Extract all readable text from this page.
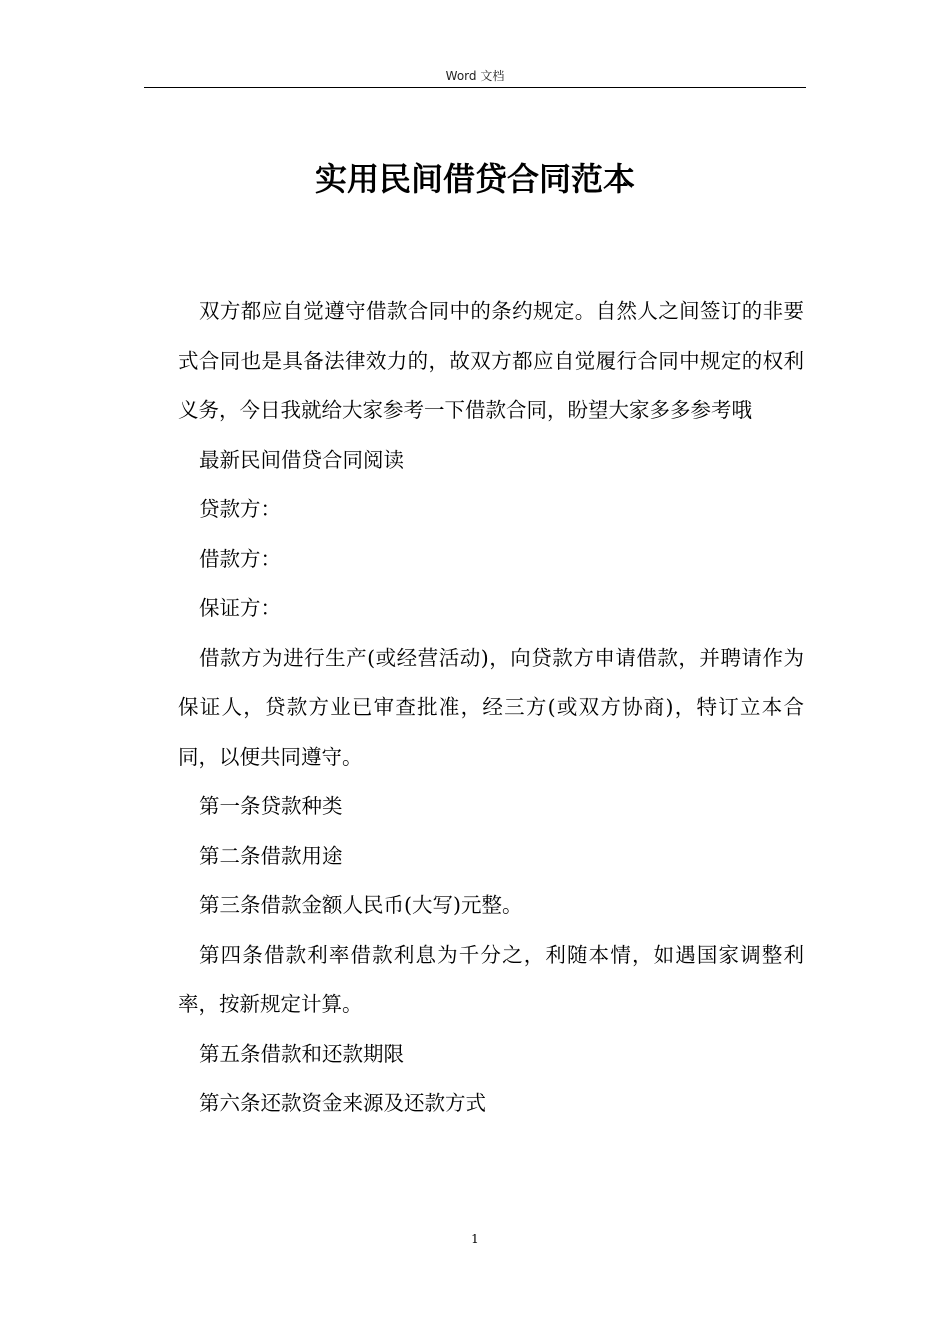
Word 文档
实用民间借贷合同范本

双方都应自觉遵守借款合同中的条约规定。自然人之间签订的非要式合同也是具备法律效力的，故双方都应自觉履行合同中规定的权利义务，今日我就给大家参考一下借款合同，盼望大家多多参考哦

最新民间借贷合同阅读

贷款方：

借款方：

保证方：

借款方为进行生产(或经营活动)，向贷款方申请借款，并聘请作为保证人，贷款方业已审查批准，经三方(或双方协商)，特订立本合同，以便共同遵守。

第一条贷款种类

第二条借款用途

第三条借款金额人民币(大写)元整。

第四条借款利率借款利息为千分之，利随本情，如遇国家调整利率，按新规定计算。

第五条借款和还款期限

第六条还款资金来源及还款方式

1
